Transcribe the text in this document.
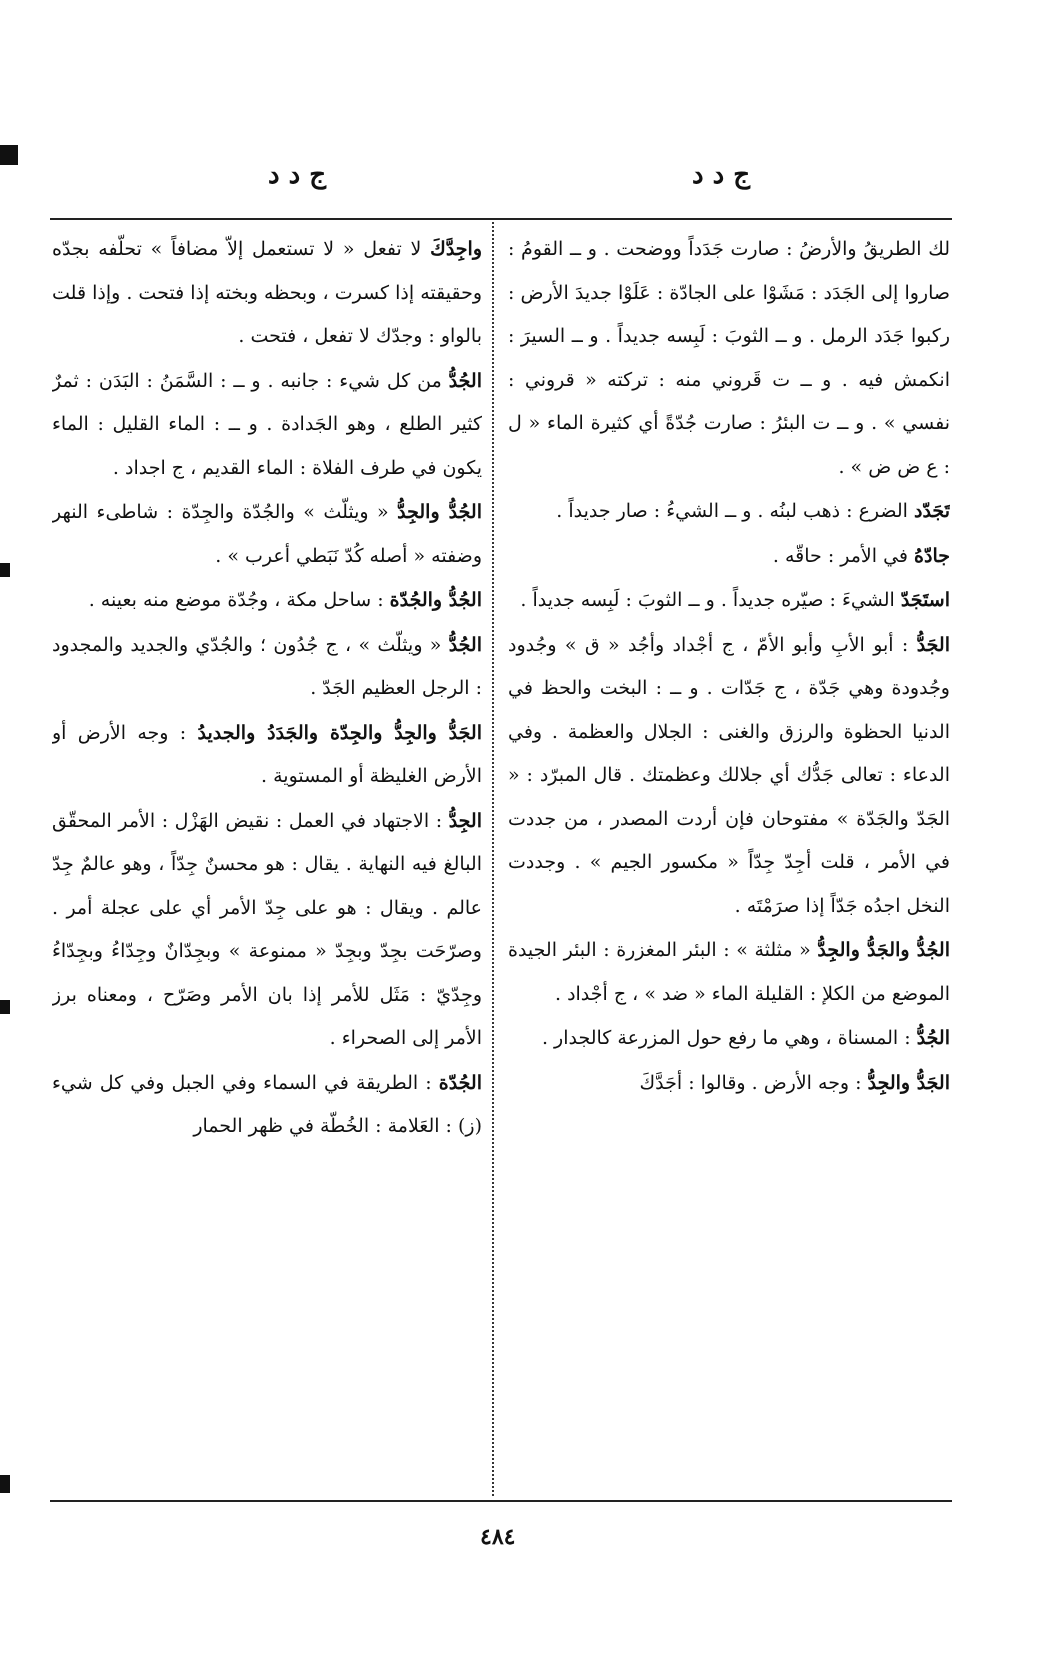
ج د د	ج د د

لك الطريقُ والأرضُ : صارت جَدَداً ووضحت . و ــ القومُ : صاروا إلى الجَدَد : مَشَوْا على الجادّة : عَلَوْا جديدَ الأرض : ركبوا جَدَد الرمل . و ــ الثوبَ : لَبِسه جديداً . و ــ السيرَ : انكمش فيه . و ــ ت قَروني منه : تركته « قروني : نفسي » . و ــ ت البئرُ : صارت جُدّةً أي كثيرة الماء « ل : ع ض ض » .

تَجَدّد الضرع : ذهب لبنُه . و ــ الشيءُ : صار جديداً .

جادّهُ في الأمر : حاقّه .

استَجَدّ الشيءَ : صيّره جديداً . و ــ الثوبَ : لَبِسه جديداً .

الجَدُّ : أبو الأبِ وأبو الأمّ ، ج أجْداد وأجُد « ق » وجُدود وجُدودة وهي جَدّة ، ج جَدّات . و ــ : البخت والحظ في الدنيا الحظوة والرزق والغنى : الجلال والعظمة . وفي الدعاء : تعالى جَدُّك أي جلالك وعظمتك . قال المبرّد : « الجَدّ والجَدّة » مفتوحان فإن أردت المصدر ، من جددت في الأمر ، قلت أجِدّ جِدّاً « مكسور الجيم » . وجددت النخل اجدُه جَدّاً إذا صرَمْتَه .

الجُدُّ والجَدُّ والجِدُّ « مثلثة » : البئر المغزرة : البئر الجيدة الموضع من الكلإ : القليلة الماء « ضد » ، ج أجْداد .

الجُدُّ : المسناة ، وهي ما رفع حول المزرعة كالجدار .

الجَدُّ والجِدُّ : وجه الأرض . وقالوا : أجَدَّكَ

واجِدَّكَ لا تفعل « لا تستعمل إلاّ مضافاً » تحلّفه بجدّه وحقيقته إذا كسرت ، وبحظه وبخته إذا فتحت . وإذا قلت بالواو : وجدّك لا تفعل ، فتحت .

الجُدُّ من كل شيء : جانبه . و ــ : السَّمَنُ : البَدَن : ثمرٌ كثير الطلع ، وهو الجَدادة . و ــ : الماء القليل : الماء يكون في طرف الفلاة : الماء القديم ، ج اجداد .

الجُدُّ والجِدُّ « ويثلّث » والجُدّة والجِدّة : شاطىء النهر وضفته « أصله كُدّ نَبَطي أعرب » .

الجُدُّ والجُدّة : ساحل مكة ، وجُدّة موضع منه بعينه .

الجُدُّ « ويثلّث » ، ج جُدُون ؛ والجُدّي والجديد والمجدود : الرجل العظيم الجَدّ .

الجَدُّ والجِدُّ والجِدّة والجَدَدُ والجديدُ : وجه الأرض أو الأرض الغليظة أو المستوية .

الجِدُّ : الاجتهاد في العمل : نقيض الهَزْل : الأمر المحقّق البالغ فيه النهاية . يقال : هو محسنٌ جِدّاً ، وهو عالمٌ جِدّ عالم . ويقال : هو على جِدّ الأمر أي على عجلة أمر . وصرّحَت بجِدّ وبجِدّ « ممنوعة » وبجِدّانٌ وجِدّاءُ وبجِدّاءُ وجِدّيّ : مَثَل للأمر إذا بان الأمر وصَرّح ، ومعناه برز الأمر إلى الصحراء .

الجُدّة : الطريقة في السماء وفي الجبل وفي كل شيء (ز) : العَلامة : الخُطّة في ظهر الحمار

٤٨٤
